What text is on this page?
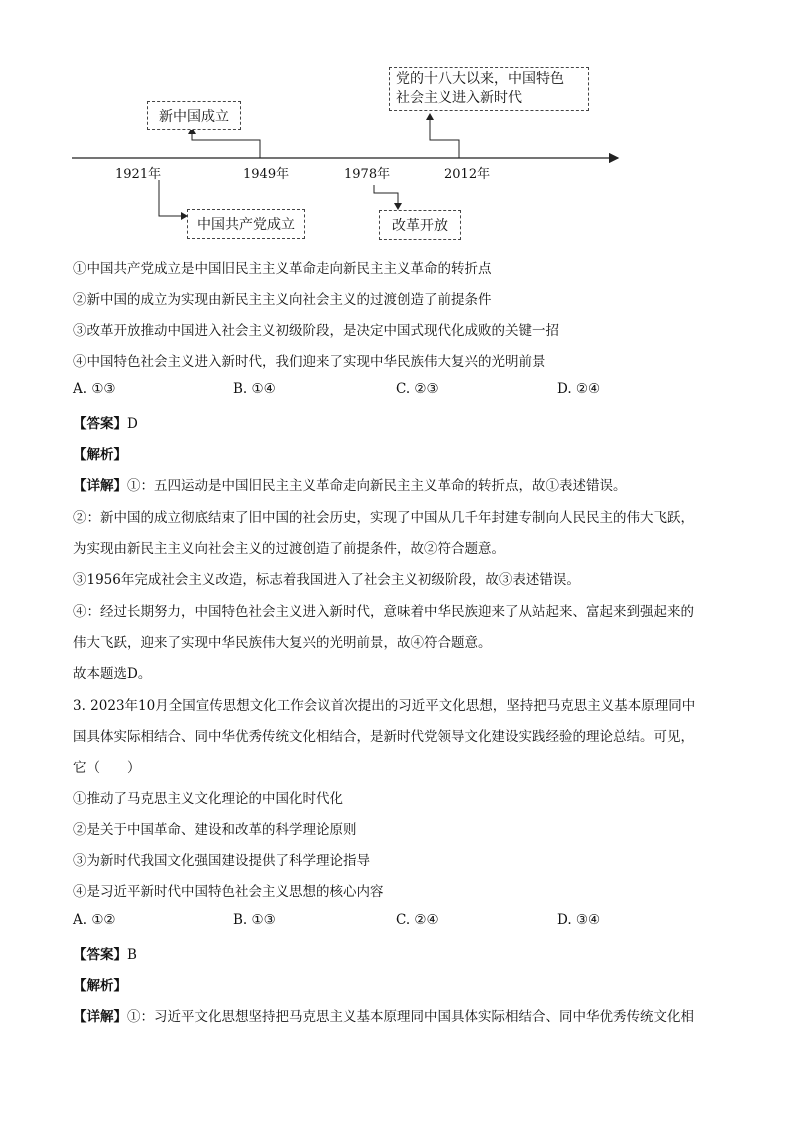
1921年	1949年	1978年	2012年
新中国成立
中国共产党成立	改革开放
党的十八大以来，中国特色
社会主义进入新时代
①中国共产党成立是中国旧民主主义革命走向新民主主义革命的转折点
②新中国的成立为实现由新民主主义向社会主义的过渡创造了前提条件
③改革开放推动中国进入社会主义初级阶段，是决定中国式现代化成败的关键一招
④中国特色社会主义进入新时代，我们迎来了实现中华民族伟大复兴的光明前景
A. ①③	B. ①④	C. ②③	D. ②④
【答案】D
【解析】
【详解】①：五四运动是中国旧民主主义革命走向新民主主义革命的转折点，故①表述错误。
②：新中国的成立彻底结束了旧中国的社会历史，实现了中国从几千年封建专制向人民民主的伟大飞跃，
为实现由新民主主义向社会主义的过渡创造了前提条件，故②符合题意。
③1956年完成社会主义改造，标志着我国进入了社会主义初级阶段，故③表述错误。
④：经过长期努力，中国特色社会主义进入新时代，意味着中华民族迎来了从站起来、富起来到强起来的
伟大飞跃，迎来了实现中华民族伟大复兴的光明前景，故④符合题意。
故本题选D。
3. 2023年10月全国宣传思想文化工作会议首次提出的习近平文化思想，坚持把马克思主义基本原理同中
国具体实际相结合、同中华优秀传统文化相结合，是新时代党领导文化建设实践经验的理论总结。可见，
它（　　）
①推动了马克思主义文化理论的中国化时代化
②是关于中国革命、建设和改革的科学理论原则
③为新时代我国文化强国建设提供了科学理论指导
④是习近平新时代中国特色社会主义思想的核心内容
A. ①②	B. ①③	C. ②④	D. ③④
【答案】B
【解析】
【详解】①：习近平文化思想坚持把马克思主义基本原理同中国具体实际相结合、同中华优秀传统文化相
